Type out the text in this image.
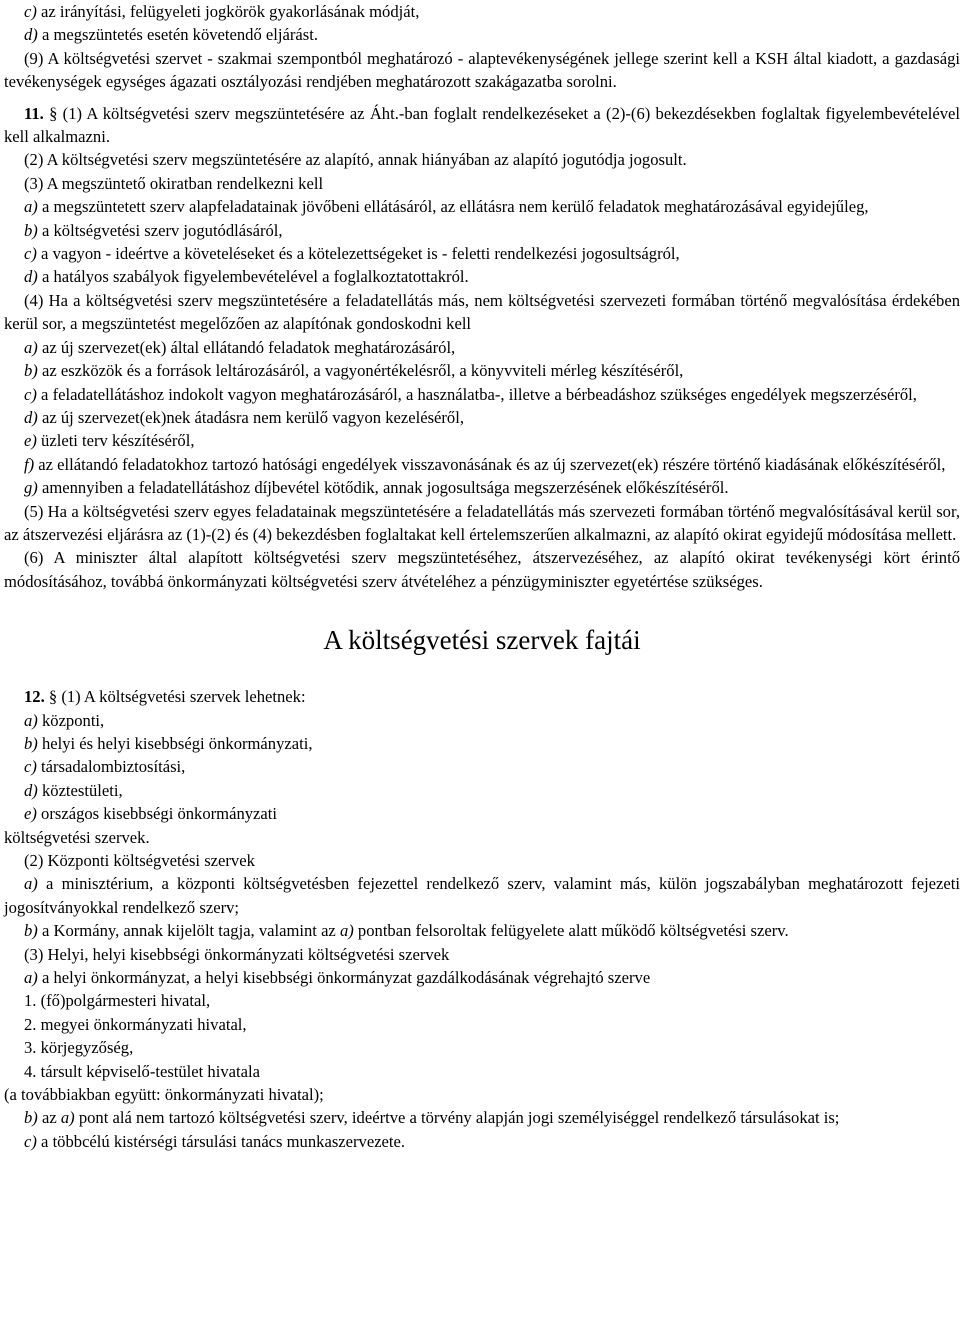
c) az irányítási, felügyeleti jogkörök gyakorlásának módját,

d) a megszüntetés esetén követendő eljárást.

(9) A költségvetési szervet - szakmai szempontból meghatározó - alaptevékenységének jellege szerint kell a KSH által kiadott, a gazdasági tevékenységek egységes ágazati osztályozási rendjében meghatározott szakágazatba sorolni.

11. § (1) A költségvetési szerv megszüntetésére az Áht.-ban foglalt rendelkezéseket a (2)-(6) bekezdésekben foglaltak figyelembevételével kell alkalmazni.

(2) A költségvetési szerv megszüntetésére az alapító, annak hiányában az alapító jogutódja jogosult.

(3) A megszüntető okiratban rendelkezni kell

a) a megszüntetett szerv alapfeladatainak jövőbeni ellátásáról, az ellátásra nem kerülő feladatok meghatározásával egyidejűleg,

b) a költségvetési szerv jogutódlásáról,

c) a vagyon - ideértve a követeléseket és a kötelezettségeket is - feletti rendelkezési jogosultságról,

d) a hatályos szabályok figyelembevételével a foglalkoztatottakról.

(4) Ha a költségvetési szerv megszüntetésére a feladatellátás más, nem költségvetési szervezeti formában történő megvalósítása érdekében kerül sor, a megszüntetést megelőzően az alapítónak gondoskodni kell

a) az új szervezet(ek) által ellátandó feladatok meghatározásáról,

b) az eszközök és a források leltározásáról, a vagyonértékelésről, a könyvviteli mérleg készítéséről,

c) a feladatellátáshoz indokolt vagyon meghatározásáról, a használatba-, illetve a bérbeadáshoz szükséges engedélyek megszerzéséről,

d) az új szervezet(ek)nek átadásra nem kerülő vagyon kezeléséről,

e) üzleti terv készítéséről,

f) az ellátandó feladatokhoz tartozó hatósági engedélyek visszavonásának és az új szervezet(ek) részére történő kiadásának előkészítéséről,

g) amennyiben a feladatellátáshoz díjbevétel kötődik, annak jogosultsága megszerzésének előkészítéséről.

(5) Ha a költségvetési szerv egyes feladatainak megszüntetésére a feladatellátás más szervezeti formában történő megvalósításával kerül sor, az átszervezési eljárásra az (1)-(2) és (4) bekezdésben foglaltakat kell értelemszerűen alkalmazni, az alapító okirat egyidejű módosítása mellett.

(6) A miniszter által alapított költségvetési szerv megszüntetéséhez, átszervezéséhez, az alapító okirat tevékenységi kört érintő módosításához, továbbá önkormányzati költségvetési szerv átvételéhez a pénzügyminiszter egyetértése szükséges.

A költségvetési szervek fajtái

12. § (1) A költségvetési szervek lehetnek:

a) központi,

b) helyi és helyi kisebbségi önkormányzati,

c) társadalombiztosítási,

d) köztestületi,

e) országos kisebbségi önkormányzati

költségvetési szervek.

(2) Központi költségvetési szervek

a) a minisztérium, a központi költségvetésben fejezettel rendelkező szerv, valamint más, külön jogszabályban meghatározott fejezeti jogosítványokkal rendelkező szerv;

b) a Kormány, annak kijelölt tagja, valamint az a) pontban felsoroltak felügyelete alatt működő költségvetési szerv.

(3) Helyi, helyi kisebbségi önkormányzati költségvetési szervek

a) a helyi önkormányzat, a helyi kisebbségi önkormányzat gazdálkodásának végrehajtó szerve

1. (fő)polgármesteri hivatal,

2. megyei önkormányzati hivatal,

3. körjegyzőség,

4. társult képviselő-testület hivatala

(a továbbiakban együtt: önkormányzati hivatal);

b) az a) pont alá nem tartozó költségvetési szerv, ideértve a törvény alapján jogi személyiséggel rendelkező társulásokat is;

c) a többcélú kistérségi társulási tanács munkaszervezete.
